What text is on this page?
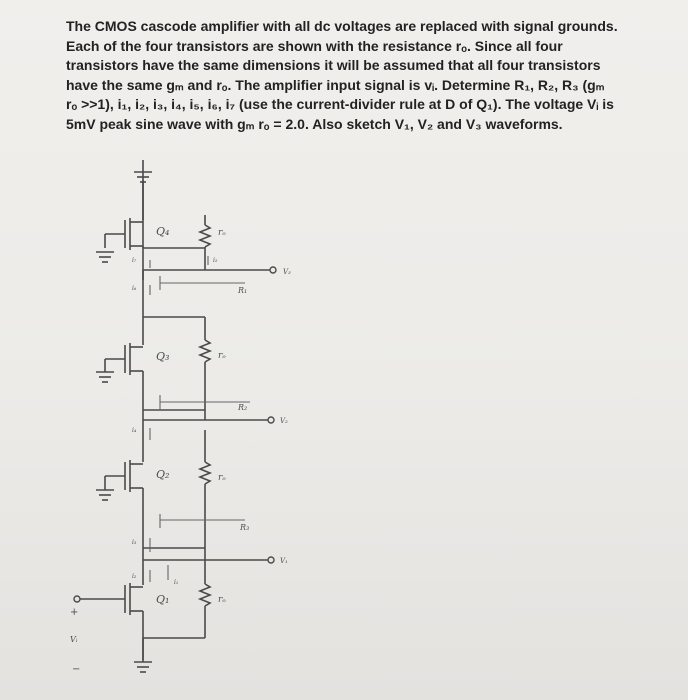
The CMOS cascode amplifier with all dc voltages are replaced with signal grounds.

Each of the four transistors are shown with the resistance rₒ. Since all four

transistors have the same dimensions it will be assumed that all four transistors

have the same gₘ and rₒ. The amplifier input signal is vᵢ. Determine R₁, R₂, R₃ (gₘ

rₒ >>1), i₁, i₂, i₃, i₄, i₅, i₆, i₇ (use the current-divider rule at D of Q₁). The voltage Vᵢ is

5mV peak sine wave with gₘ rₒ = 2.0. Also sketch V₁, V₂ and V₃ waveforms.

Q₄	rₒ
V₃
R₁
i₇
i₆
i₅
Q₃	rₒ
V₂
R₂
i₄
Q₂	rₒ
V₁
R₃
i₃
i₂
i₁
Q₁	rₒ
+
Vᵢ
−
